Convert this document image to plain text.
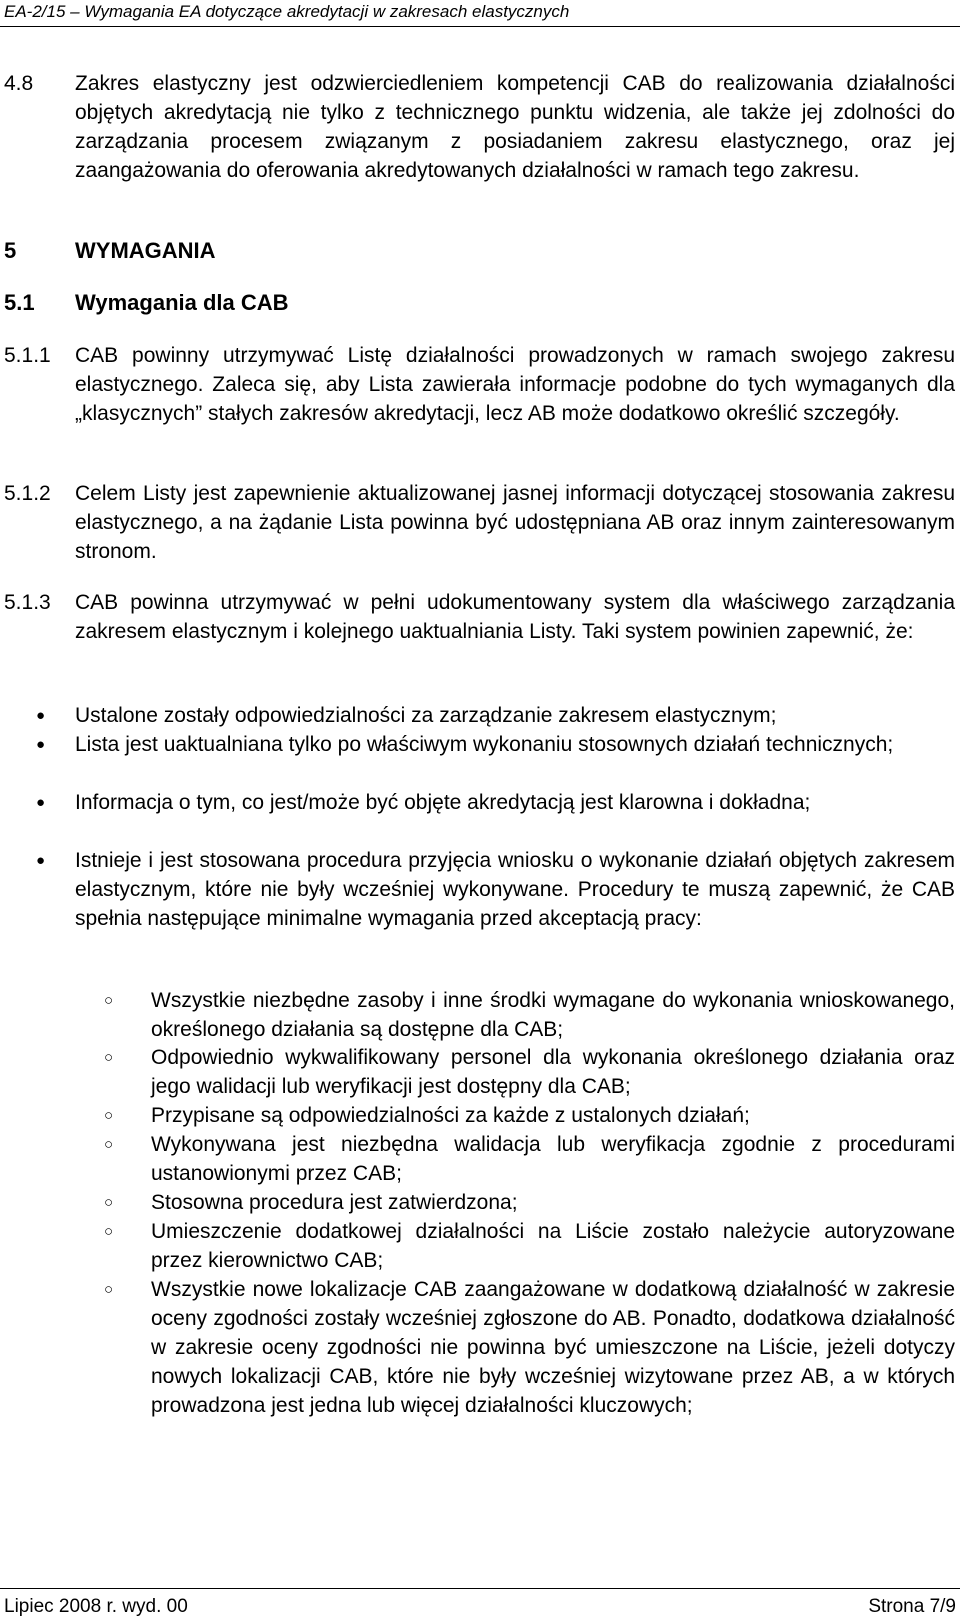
EA-2/15 – Wymagania EA dotyczące akredytacji w zakresach elastycznych
4.8 Zakres elastyczny jest odzwierciedleniem kompetencji CAB do realizowania działalności objętych akredytacją nie tylko z technicznego punktu widzenia, ale także jej zdolności do zarządzania procesem związanym z posiadaniem zakresu elastycznego, oraz jej zaangażowania do oferowania akredytowanych działalności w ramach tego zakresu.
5	WYMAGANIA
5.1 Wymagania dla CAB
5.1.1 CAB powinny utrzymywać Listę działalności prowadzonych w ramach swojego zakresu elastycznego. Zaleca się, aby Lista zawierała informacje podobne do tych wymaganych dla „klasycznych” stałych zakresów akredytacji, lecz AB może dodatkowo określić szczegóły.
5.1.2 Celem Listy jest zapewnienie aktualizowanej jasnej informacji dotyczącej stosowania zakresu elastycznego, a na żądanie Lista powinna być udostępniana AB oraz innym zainteresowanym stronom.
5.1.3 CAB powinna utrzymywać w pełni udokumentowany system dla właściwego zarządzania zakresem elastycznym i kolejnego uaktualniania Listy. Taki system powinien zapewnić, że:
● Ustalone zostały odpowiedzialności za zarządzanie zakresem elastycznym;
● Lista jest uaktualniana tylko po właściwym wykonaniu stosownych działań technicznych;
● Informacja o tym, co jest/może być objęte akredytacją jest klarowna i dokładna;
● Istnieje i jest stosowana procedura przyjęcia wniosku o wykonanie działań objętych zakresem elastycznym, które nie były wcześniej wykonywane. Procedury te muszą zapewnić, że CAB spełnia następujące minimalne wymagania przed akceptacją pracy:
○ Wszystkie niezbędne zasoby i inne środki wymagane do wykonania wnioskowanego, określonego działania są dostępne dla CAB;
○ Odpowiednio wykwalifikowany personel dla wykonania określonego działania oraz jego walidacji lub weryfikacji jest dostępny dla CAB;
○ Przypisane są odpowiedzialności za każde z ustalonych działań;
○ Wykonywana jest niezbędna walidacja lub weryfikacja zgodnie z procedurami ustanowionymi przez CAB;
○ Stosowna procedura jest zatwierdzona;
○ Umieszczenie dodatkowej działalności na Liście zostało należycie autoryzowane przez kierownictwo CAB;
○ Wszystkie nowe lokalizacje CAB zaangażowane w dodatkową działalność w zakresie oceny zgodności zostały wcześniej zgłoszone do AB. Ponadto, dodatkowa działalność w zakresie oceny zgodności nie powinna być umieszczone na Liście, jeżeli dotyczy nowych lokalizacji CAB, które nie były wcześniej wizytowane przez AB, a w których prowadzona jest jedna lub więcej działalności kluczowych;
Lipiec 2008 r. wyd. 00	Strona 7/9
